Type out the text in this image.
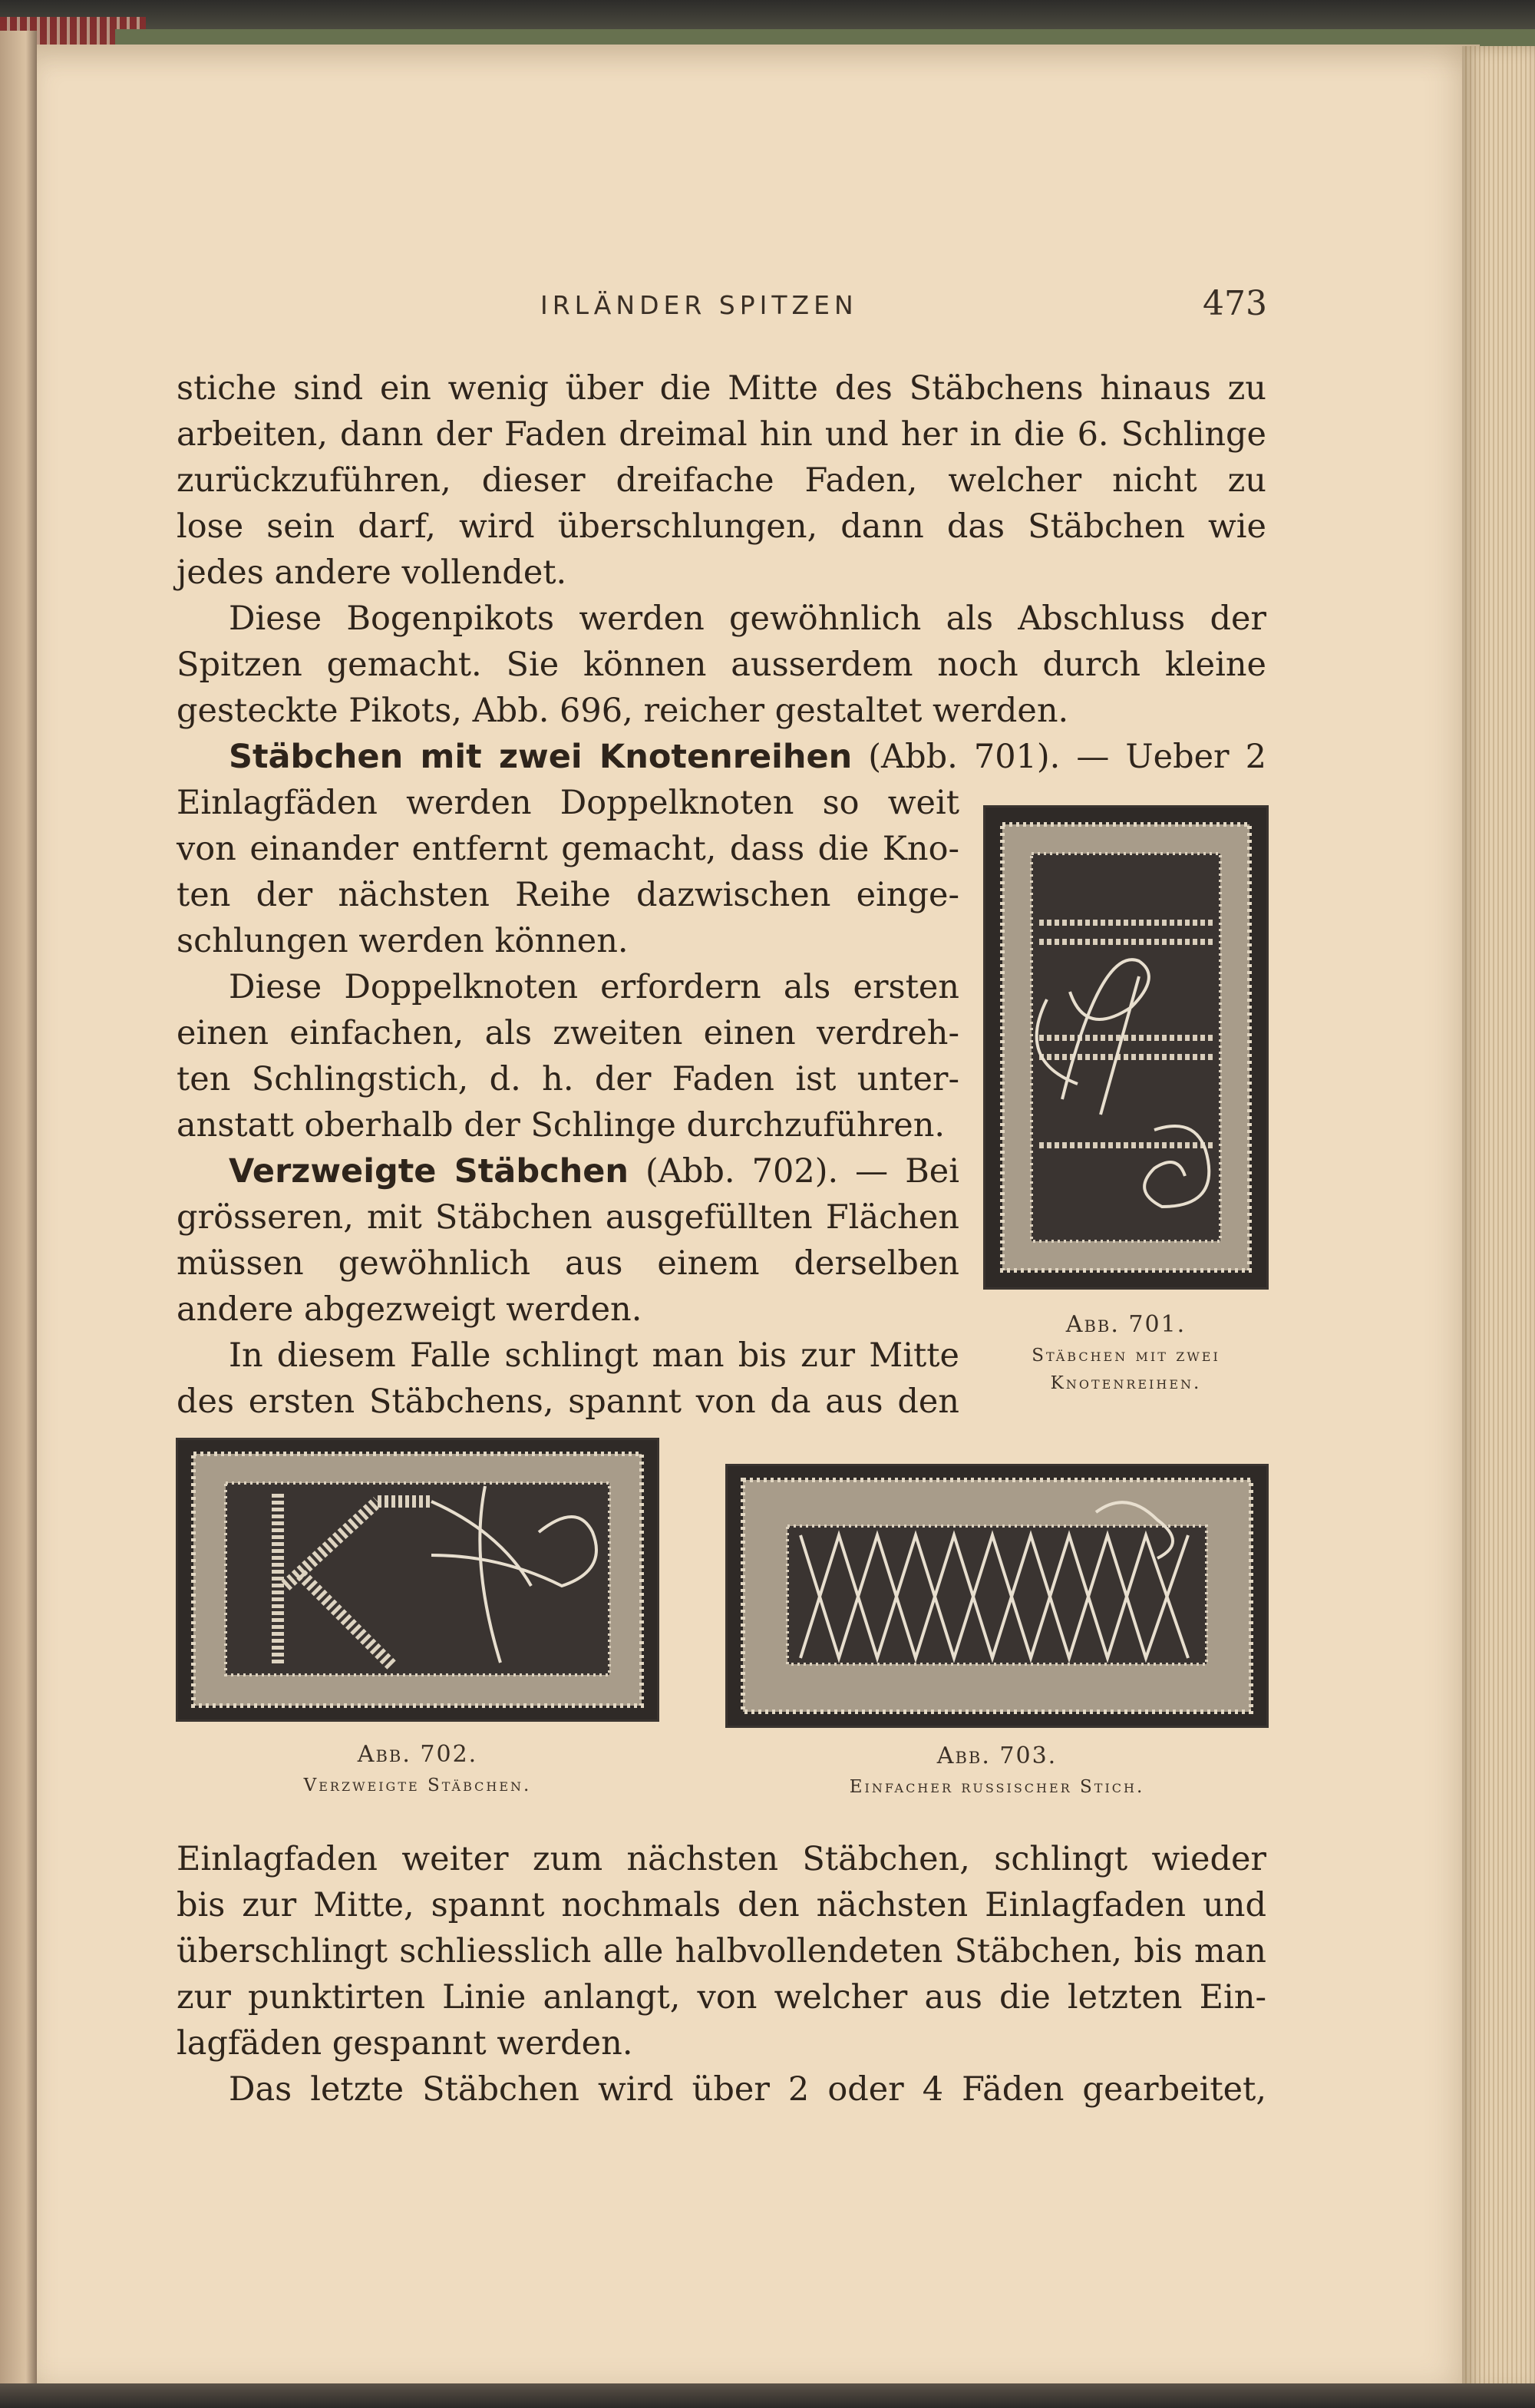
IRLÄNDER SPITZEN	473
stiche sind ein wenig über die Mitte des Stäbchens hinaus zu
arbeiten, dann der Faden dreimal hin und her in die 6. Schlinge
zurückzuführen, dieser dreifache Faden, welcher nicht zu
lose sein darf, wird überschlungen, dann das Stäbchen wie
jedes andere vollendet.
Diese Bogenpikots werden gewöhnlich als Abschluss der
Spitzen gemacht. Sie können ausserdem noch durch kleine
gesteckte Pikots, Abb. 696, reicher gestaltet werden.
Stäbchen mit zwei Knotenreihen (Abb. 701). — Ueber 2
Einlagfäden werden Doppelknoten so weit
von einander entfernt gemacht, dass die Kno-
ten der nächsten Reihe dazwischen einge-
schlungen werden können.
Diese Doppelknoten erfordern als ersten
einen einfachen, als zweiten einen verdreh-
ten Schlingstich, d. h. der Faden ist unter-
anstatt oberhalb der Schlinge durchzuführen.
Verzweigte Stäbchen (Abb. 702). — Bei
grösseren, mit Stäbchen ausgefüllten Flächen
müssen gewöhnlich aus einem derselben
andere abgezweigt werden.
In diesem Falle schlingt man bis zur Mitte
des ersten Stäbchens, spannt von da aus den
Abb. 701.
Stäbchen mit zwei
Knotenreihen.
Abb. 702.
Verzweigte Stäbchen.
Abb. 703.
Einfacher russischer Stich.
Einlagfaden weiter zum nächsten Stäbchen, schlingt wieder
bis zur Mitte, spannt nochmals den nächsten Einlagfaden und
überschlingt schliesslich alle halbvollendeten Stäbchen, bis man
zur punktirten Linie anlangt, von welcher aus die letzten Ein-
lagfäden gespannt werden.
Das letzte Stäbchen wird über 2 oder 4 Fäden gearbeitet,
